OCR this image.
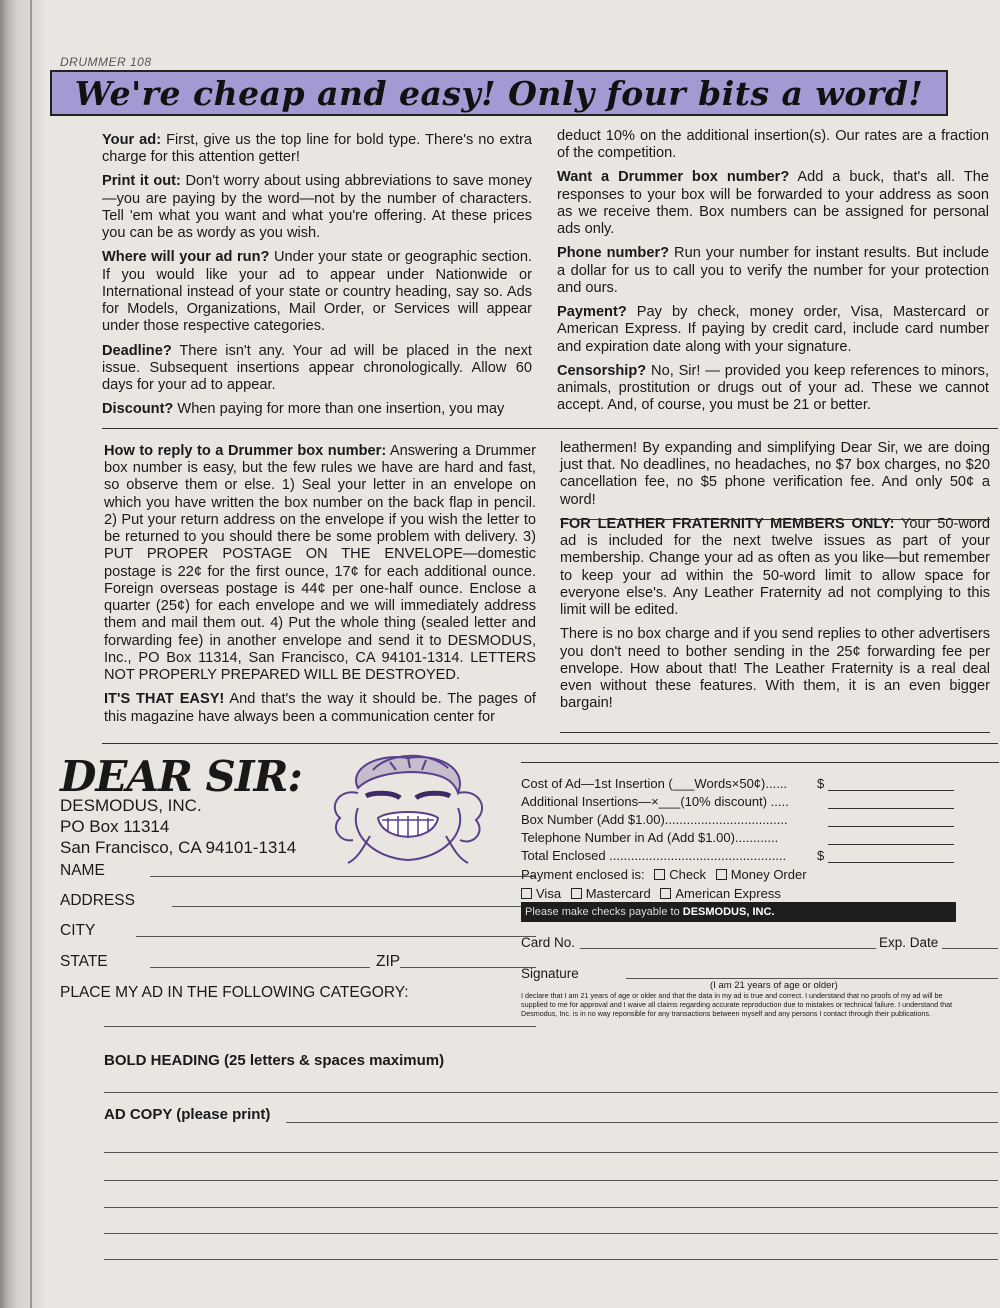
DRUMMER 108
We're cheap and easy! Only four bits a word!

Your ad: First, give us the top line for bold type. There's no extra charge for this attention getter!

Print it out: Don't worry about using abbreviations to save money—you are paying by the word—not by the number of characters. Tell 'em what you want and what you're offering. At these prices you can be as wordy as you wish.

Where will your ad run? Under your state or geographic section. If you would like your ad to appear under Nationwide or International instead of your state or country heading, say so. Ads for Models, Organizations, Mail Order, or Services will appear under those respective categories.

Deadline? There isn't any. Your ad will be placed in the next issue. Subsequent insertions appear chronologically. Allow 60 days for your ad to appear.

Discount? When paying for more than one insertion, you may

deduct 10% on the additional insertion(s). Our rates are a fraction of the competition.

Want a Drummer box number? Add a buck, that's all. The responses to your box will be forwarded to your address as soon as we receive them. Box numbers can be assigned for personal ads only.

Phone number? Run your number for instant results. But include a dollar for us to call you to verify the number for your protection and ours.

Payment? Pay by check, money order, Visa, Mastercard or American Express. If paying by credit card, include card number and expiration date along with your signature.

Censorship? No, Sir! — provided you keep references to minors, animals, prostitution or drugs out of your ad. These we cannot accept. And, of course, you must be 21 or better.

How to reply to a Drummer box number: Answering a Drummer box number is easy, but the few rules we have are hard and fast, so observe them or else. 1) Seal your letter in an envelope on which you have written the box number on the back flap in pencil. 2) Put your return address on the envelope if you wish the letter to be returned to you should there be some problem with delivery. 3) PUT PROPER POSTAGE ON THE ENVELOPE—domestic postage is 22¢ for the first ounce, 17¢ for each additional ounce. Foreign overseas postage is 44¢ per one-half ounce. Enclose a quarter (25¢) for each envelope and we will immediately address them and mail them out. 4) Put the whole thing (sealed letter and forwarding fee) in another envelope and send it to DESMODUS, Inc., PO Box 11314, San Francisco, CA 94101-1314. LETTERS NOT PROPERLY PREPARED WILL BE DESTROYED.

IT'S THAT EASY! And that's the way it should be. The pages of this magazine have always been a communication center for

leathermen! By expanding and simplifying Dear Sir, we are doing just that. No deadlines, no headaches, no $7 box charges, no $20 cancellation fee, no $5 phone verification fee. And only 50¢ a word!

FOR LEATHER FRATERNITY MEMBERS ONLY: Your 50-word ad is included for the next twelve issues as part of your membership. Change your ad as often as you like—but remember to keep your ad within the 50-word limit to allow space for everyone else's. Any Leather Fraternity ad not complying to this limit will be edited.

There is no box charge and if you send replies to other advertisers you don't need to bother sending in the 25¢ forwarding fee per envelope. How about that! The Leather Fraternity is a real deal even without these features. With them, it is an even bigger bargain!

DEAR SIR:
DESMODUS, INC.
PO Box 11314
San Francisco, CA 94101-1314
NAME
ADDRESS
CITY
STATE	ZIP
PLACE MY AD IN THE FOLLOWING CATEGORY:
BOLD HEADING (25 letters & spaces maximum)
AD COPY (please print)
Cost of Ad—1st Insertion (___Words×50¢)...... $
Additional Insertions—×___(10% discount) .....
Box Number (Add $1.00)..................................
Telephone Number in Ad (Add $1.00)............
Total Enclosed ................................................. $
Payment enclosed is: Check Money Order
Visa Mastercard American Express
Please make checks payable to DESMODUS, INC.
Card No.	Exp. Date
Signature
(I am 21 years of age or older)
I declare that I am 21 years of age or older and that the data in my ad is true and correct. I understand that no proofs of my ad will be supplied to me for approval and I waive all claims regarding accurate reproduction due to mistakes or technical failure. I understand that Desmodus, Inc. is in no way reponsible for any transactions between myself and any persons I contact through their publications.
